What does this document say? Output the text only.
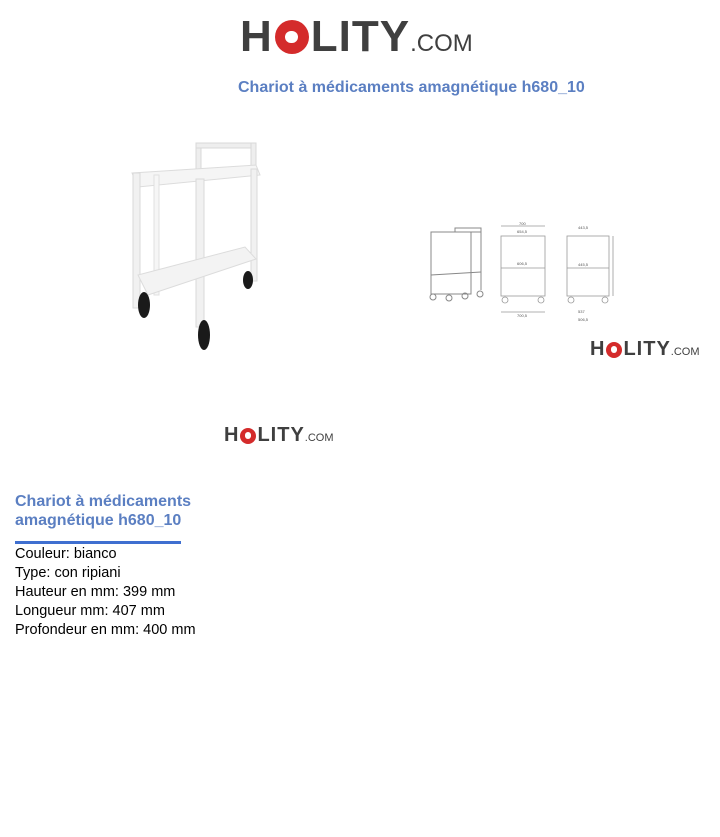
H LITY .COM
Chariot à médicaments amagnétique h680_10
700
654,5
606,5
700,5
443,5
445,5
537
506,5
H LITY .COM
H LITY .COM
Chariot à médicaments amagnétique h680_10
Couleur: bianco
Type: con ripiani
Hauteur en mm: 399 mm
Longueur mm: 407 mm
Profondeur en mm: 400 mm
